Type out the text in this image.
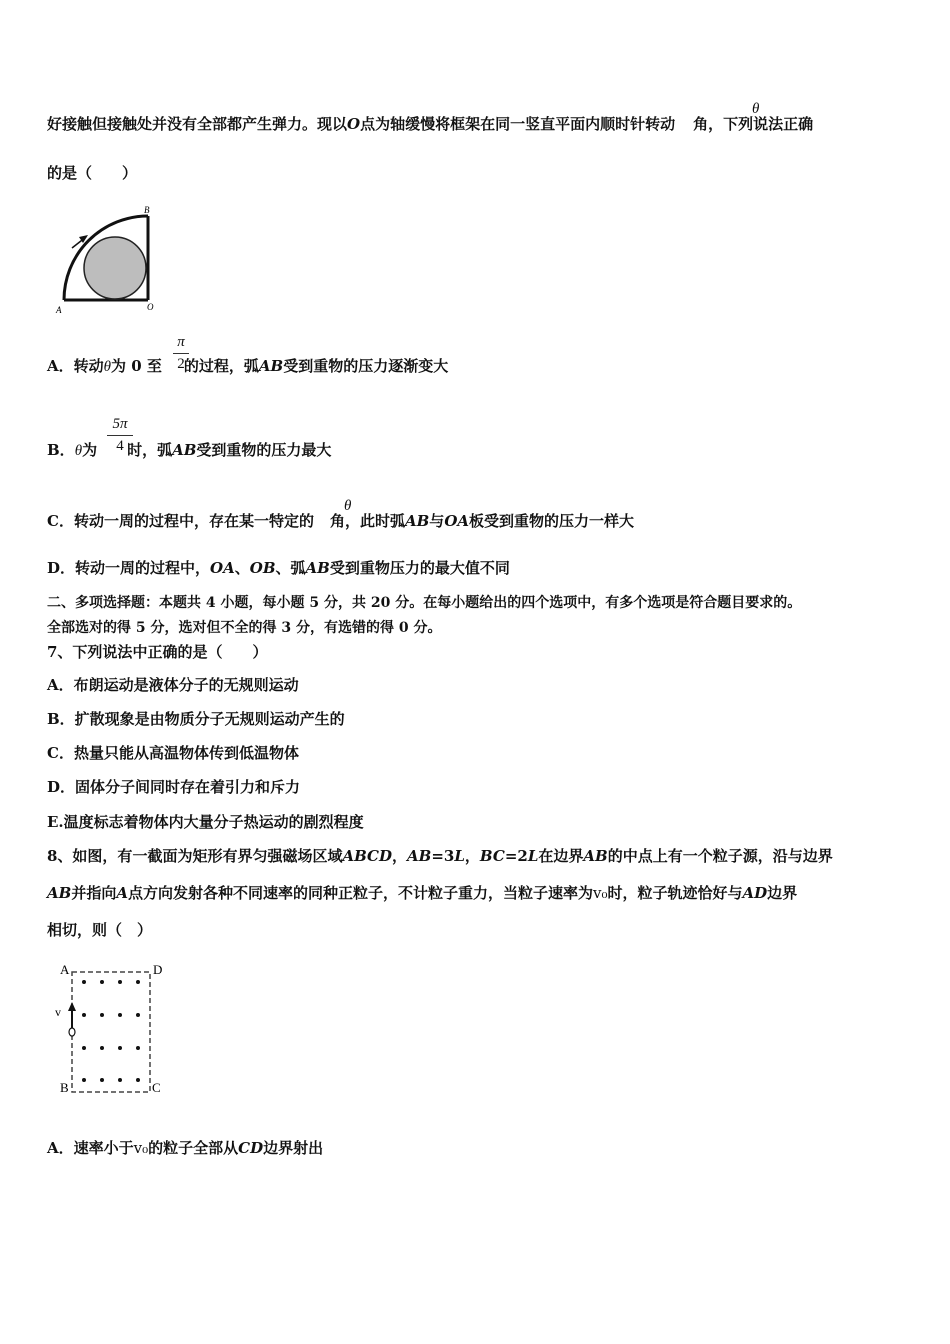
好接触但接触处并没有全部都产生弹力。现以O点为轴缓慢将框架在同一竖直平面内顺时针转动 角，下列说法正确
θ
的是（　　）
B
O
A
A．转动θ为 0 至 的过程，弧AB受到重物的压力逐渐变大
π
2
B．θ为 时，弧AB受到重物的压力最大
5π
4
C．转动一周的过程中，存在某一特定的 角，此时弧AB与OA板受到重物的压力一样大
θ
D．转动一周的过程中，OA、OB、弧AB受到重物压力的最大值不同
二、多项选择题：本题共 4 小题，每小题 5 分，共 20 分。在每小题给出的四个选项中，有多个选项是符合题目要求的。
全部选对的得 5 分，选对但不全的得 3 分，有选错的得 0 分。
7、下列说法中正确的是（　　）
A．布朗运动是液体分子的无规则运动
B．扩散现象是由物质分子无规则运动产生的
C．热量只能从高温物体传到低温物体
D．固体分子间同时存在着引力和斥力
E.温度标志着物体内大量分子热运动的剧烈程度
8、如图，有一截面为矩形有界匀强磁场区域ABCD，AB=3L，BC=2L在边界AB的中点上有一个粒子源，沿与边界
AB并指向A点方向发射各种不同速率的同种正粒子，不计粒子重力，当粒子速率为v₀时，粒子轨迹恰好与AD边界
相切，则（　）
A	D
B	C
v
A．速率小于v₀的粒子全部从CD边界射出
